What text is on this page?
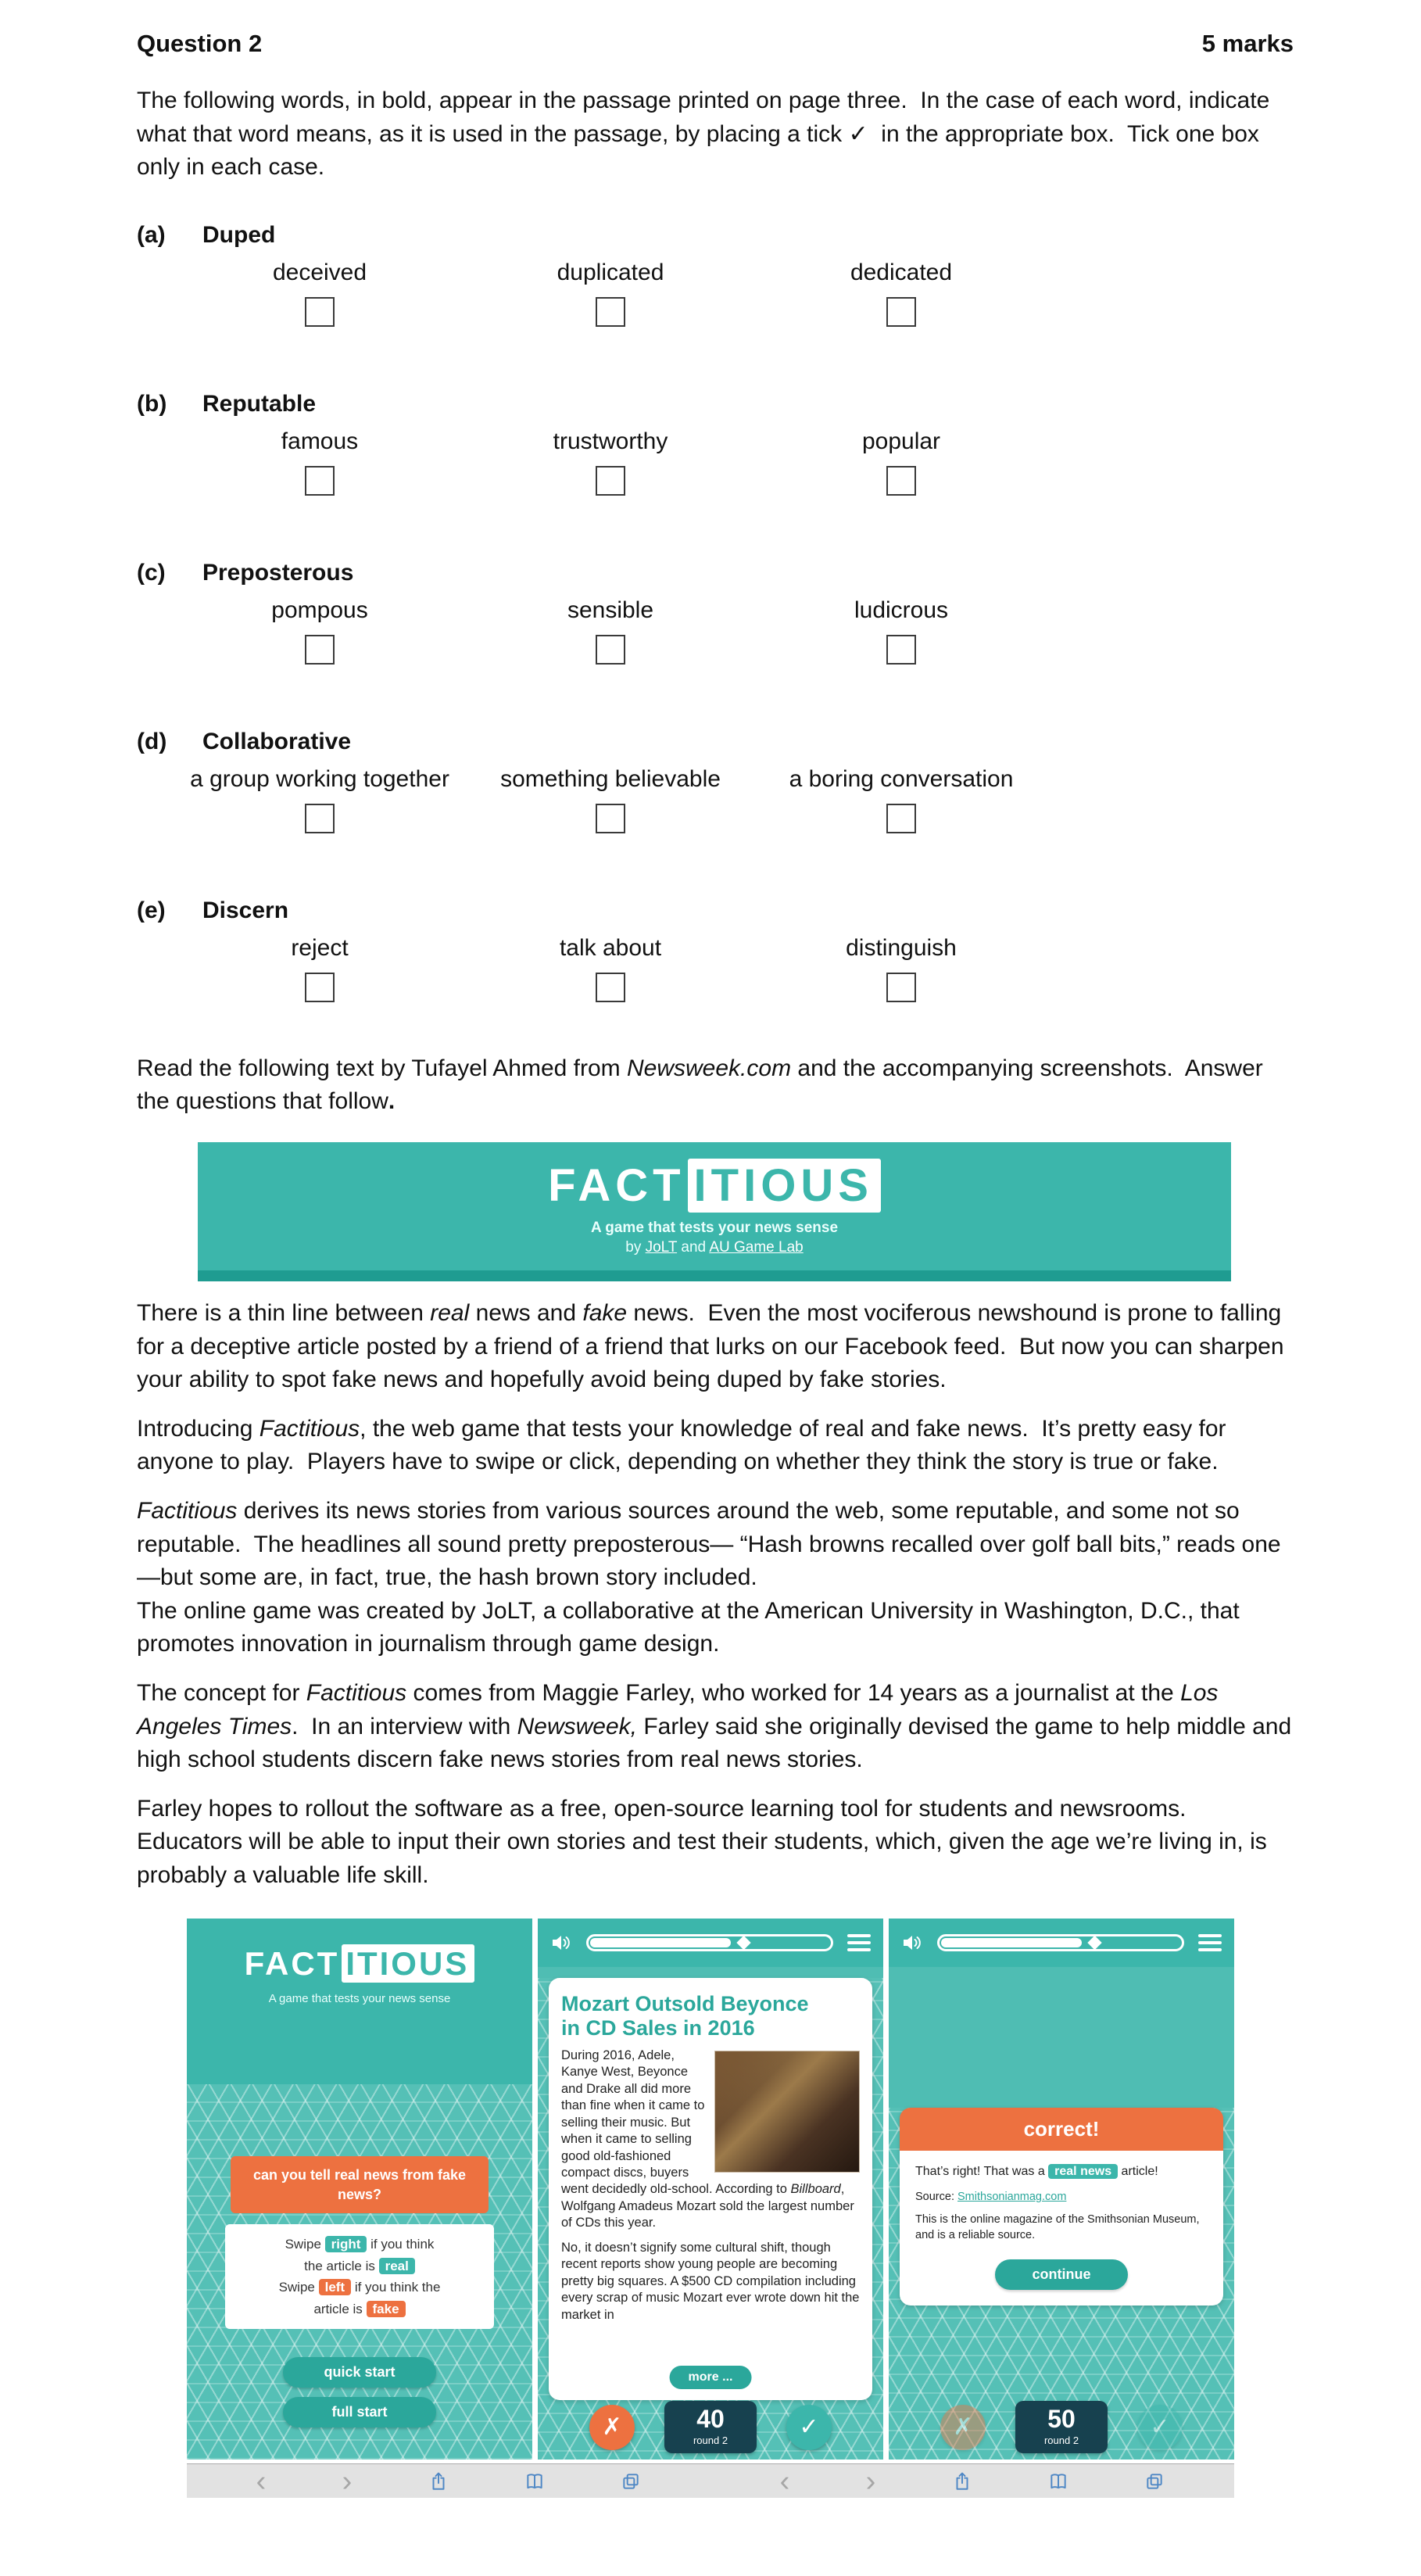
Question 2	5 marks

The following words, in bold, appear in the passage printed on page three.  In the case of each word, indicate what that word means, as it is used in the passage, by placing a tick ✓  in the appropriate box.  Tick one box only in each case.

(a) Duped
deceived	duplicated	dedicated
(b) Reputable
famous	trustworthy	popular
(c) Preposterous
pompous	sensible	ludicrous
(d) Collaborative
a group working together	something believable	a boring conversation
(e) Discern
reject	talk about	distinguish

Read the following text by Tufayel Ahmed from Newsweek.com and the accompanying screenshots.  Answer the questions that follow.

FACT ITIOUS
A game that tests your news sense
by JoLT and AU Game Lab

There is a thin line between real news and fake news.  Even the most vociferous newshound is prone to falling for a deceptive article posted by a friend of a friend that lurks on our Facebook feed.  But now you can sharpen your ability to spot fake news and hopefully avoid being duped by fake stories.

Introducing Factitious, the web game that tests your knowledge of real and fake news.  It’s pretty easy for anyone to play.  Players have to swipe or click, depending on whether they think the story is true or fake.

Factitious derives its news stories from various sources around the web, some reputable, and some not so reputable.  The headlines all sound pretty preposterous— “Hash browns recalled over golf ball bits,” reads one—but some are, in fact, true, the hash brown story included.

The online game was created by JoLT, a collaborative at the American University in Washington, D.C., that promotes innovation in journalism through game design.

The concept for Factitious comes from Maggie Farley, who worked for 14 years as a journalist at the Los Angeles Times.  In an interview with Newsweek, Farley said she originally devised the game to help middle and high school students discern fake news stories from real news stories.

Farley hopes to rollout the software as a free, open-source learning tool for students and newsrooms.  Educators will be able to input their own stories and test their students, which, given the age we’re living in, is probably a valuable life skill.

FACT ITIOUS
A game that tests your news sense
can you tell real news from fake news?
Swipe right if you think
the article is real
Swipe left if you think the
article is fake
quick start
full start
Mozart Outsold Beyonce
in CD Sales in 2016

During 2016, Adele, Kanye West, Beyonce and Drake all did more than fine when it came to selling their music. But when it came to selling good old-fashioned compact discs, buyers went decidedly old-school. According to Billboard, Wolfgang Amadeus Mozart sold the largest number of CDs this year.

No, it doesn’t signify some cultural shift, though recent reports show young people are becoming pretty big squares. A $500 CD compilation including every scrap of music Mozart ever wrote down hit the market in

more ...
✗	40
round 2
✓
correct!
That’s right! That was a real news article!
Source: Smithsonianmag.com
This is the online magazine of the Smithsonian Museum, and is a reliable source.
continue
✗	50
round 2
✓
‹	›	‹	›
